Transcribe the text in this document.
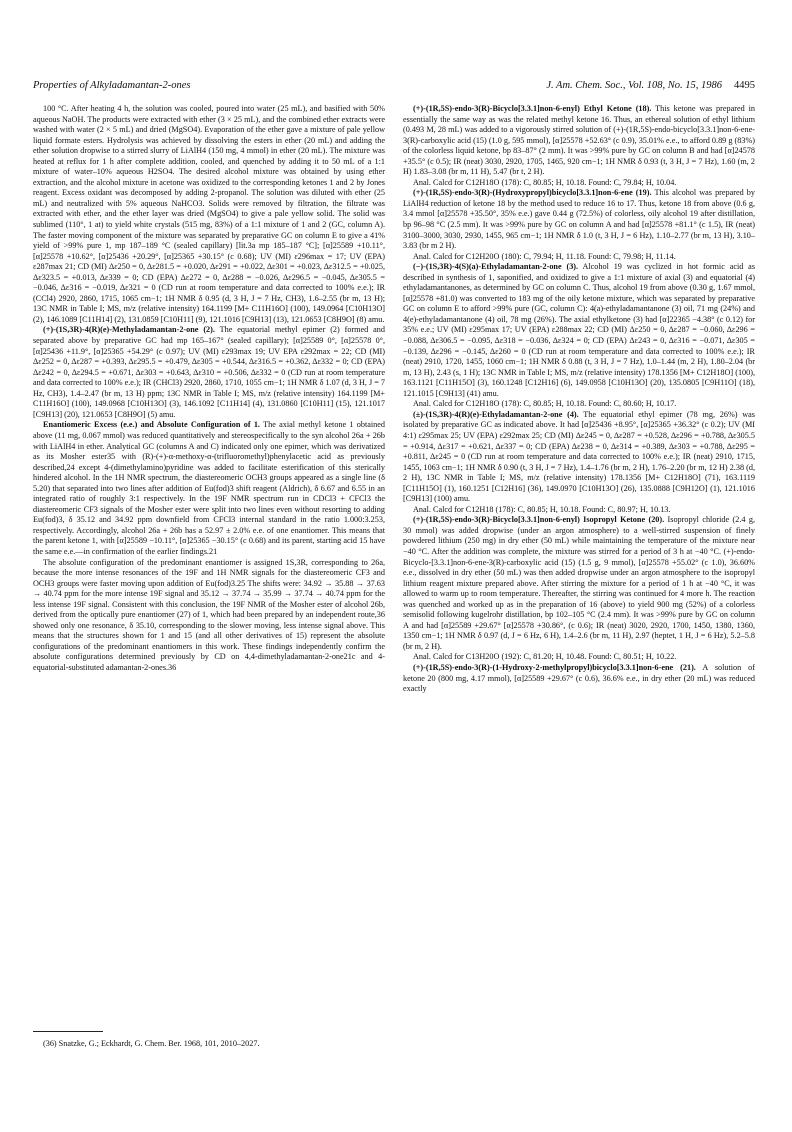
Properties of Alkyladamantan-2-ones	J. Am. Chem. Soc., Vol. 108, No. 15, 1986 4495

100 °C. After heating 4 h, the solution was cooled, poured into water (25 mL), and basified with 50% aqueous NaOH. The products were extracted with ether (3 × 25 mL), and the combined ether extracts were washed with water (2 × 5 mL) and dried (MgSO4). Evaporation of the ether gave a mixture of pale yellow liquid formate esters. Hydrolysis was achieved by dissolving the esters in ether (20 mL) and adding the ether solution dropwise to a stirred slurry of LiAlH4 (150 mg, 4 mmol) in ether (20 mL). The mixture was heated at reflux for 1 h after complete addition, cooled, and quenched by adding it to 50 mL of a 1:1 mixture of water–10% aqueous H2SO4. The desired alcohol mixture was obtained by using ether extraction, and the alcohol mixture in acetone was oxidized to the corresponding ketones 1 and 2 by Jones reagent. Excess oxidant was decomposed by adding 2-propanol. The solution was diluted with ether (25 mL) and neutralized with 5% aqueous NaHCO3. Solids were removed by filtration, the filtrate was extracted with ether, and the ether layer was dried (MgSO4) to give a pale yellow solid. The solid was sublimed (110°, 1 at) to yield white crystals (515 mg, 83%) of a 1:1 mixture of 1 and 2 (GC, column A). The faster moving component of the mixture was separated by preparative GC on column E to give a 41% yield of >99% pure 1, mp 187–189 °C (sealed capillary) [lit.3a mp 185–187 °C]; [α]25589 +10.11°, [α]25578 +10.62°, [α]25436 +20.29°, [α]25365 +30.15° (c 0.68); UV (MI) ε296max = 17; UV (EPA) ε287max 21; CD (MI) Δε250 = 0, Δε281.5 = +0.020, Δε291 = +0.022, Δε301 = +0.023, Δε312.5 = +0.025, Δε323.5 = +0.013, Δε339 = 0; CD (EPA) Δε272 = 0, Δε288 = −0.026, Δε296.5 = −0.045, Δε305.5 = −0.046, Δε316 = −0.019, Δε321 = 0 (CD run at room temperature and data corrected to 100% e.e.); IR (CCl4) 2920, 2860, 1715, 1065 cm−1; 1H NMR δ 0.95 (d, 3 H, J = 7 Hz, CH3), 1.6–2.55 (br m, 13 H); 13C NMR in Table I; MS, m/z (relative intensity) 164.1199 [M+ C11H16O] (100), 149.0964 [C10H13O] (2), 146.1089 [C11H14] (2), 131.0859 [C10H11] (9), 121.1016 [C9H13] (13), 121.0653 [C8H9O] (8) amu.

(+)-(1S,3R)-4(R)(e)-Methyladamantan-2-one (2). The equatorial methyl epimer (2) formed and separated above by preparative GC had mp 165–167° (sealed capillary); [α]25589 0°, [α]25578 0°, [α]25436 +11.9°, [α]25365 +54.29° (c 0.97); UV (MI) ε293max 19; UV EPA ε292max = 22; CD (MI) Δε252 = 0, Δε287 = +0.393, Δε295.5 = +0.479, Δε305 = +0.544, Δε316.5 = +0.362, Δε332 = 0; CD (EPA) Δε242 = 0, Δε294.5 = +0.671, Δε303 = +0.643, Δε310 = +0.506, Δε332 = 0 (CD run at room temperature and data corrected to 100% e.e.); IR (CHCl3) 2920, 2860, 1710, 1055 cm−1; 1H NMR δ 1.07 (d, 3 H, J = 7 Hz, CH3), 1.4–2.47 (br m, 13 H) ppm; 13C NMR in Table I; MS, m/z (relative intensity) 164.1199 [M+ C11H16O] (100), 149.0968 [C10H13O] (3), 146.1092 [C11H14] (4), 131.0860 [C10H11] (15), 121.1017 [C9H13] (20), 121.0653 [C8H9O] (5) amu.

Enantiomeric Excess (e.e.) and Absolute Configuration of 1. The axial methyl ketone 1 obtained above (11 mg, 0.067 mmol) was reduced quantitatively and stereospecifically to the syn alcohol 26a + 26b with LiAlH4 in ether. Analytical GC (columns A and C) indicated only one epimer, which was derivatized as its Mosher ester35 with (R)-(+)-α-methoxy-α-(trifluoromethyl)phenylacetic acid as previously described,24 except 4-(dimethylamino)pyridine was added to facilitate esterification of this sterically hindered alcohol. In the 1H NMR spectrum, the diastereomeric OCH3 groups appeared as a single line (δ 5.20) that separated into two lines after addition of Eu(fod)3 shift reagent (Aldrich), δ 6.67 and 6.55 in an integrated ratio of roughly 3:1 respectively. In the 19F NMR spectrum run in CDCl3 + CFCl3 the diastereomeric CF3 signals of the Mosher ester were split into two lines even without resorting to adding Eu(fod)3, δ 35.12 and 34.92 ppm downfield from CFCl3 internal standard in the ratio 1.000:3.253, respectively. Accordingly, alcohol 26a + 26b has a 52.97 ± 2.0% e.e. of one enantiomer. This means that the parent ketone 1, with [α]25589 −10.11°, [α]25365 −30.15° (c 0.68) and its parent, starting acid 15 have the same e.e.—in confirmation of the earlier findings.21

The absolute configuration of the predominant enantiomer is assigned 1S,3R, corresponding to 26a, because the more intense resonances of the 19F and 1H NMR signals for the diastereomeric CF3 and OCH3 groups were faster moving upon addition of Eu(fod)3.25 The shifts were: 34.92 → 35.88 → 37.63 → 40.74 ppm for the more intense 19F signal and 35.12 → 37.74 → 35.99 → 37.74 → 40.74 ppm for the less intense 19F signal. Consistent with this conclusion, the 19F NMR of the Mosher ester of alcohol 26b, derived from the optically pure enantiomer (27) of 1, which had been prepared by an independent route,36 showed only one resonance, δ 35.10, corresponding to the slower moving, less intense signal above. This means that the structures shown for 1 and 15 (and all other derivatives of 15) represent the absolute configurations of the predominant enantiomers in this work. These findings independently confirm the absolute configurations determined previously by CD on 4,4-dimethyladamantan-2-one21c and 4-equatorial-substituted adamantan-2-ones.36

(+)-(1R,5S)-endo-3(R)-Bicyclo[3.3.1]non-6-enyl) Ethyl Ketone (18). This ketone was prepared in essentially the same way as was the related methyl ketone 16. Thus, an ethereal solution of ethyl lithium (0.493 M, 28 mL) was added to a vigorously stirred solution of (+)-(1R,5S)-endo-bicyclo[3.3.1]non-6-ene-3(R)-carboxylic acid (15) (1.0 g, 595 mmol), [α]25578 +52.63° (c 0.9), 35.01% e.e., to afford 0.89 g (83%) of the colorless liquid ketone, bp 83–87° (2 mm). It was >99% pure by GC on column B and had [α]24578 +35.5° (c 0.5); IR (neat) 3030, 2920, 1705, 1465, 920 cm−1; 1H NMR δ 0.93 (t, 3 H, J = 7 Hz), 1.60 (m, 2 H) 1.83–3.08 (br m, 11 H), 5.47 (br t, 2 H).

Anal. Calcd for C12H18O (178): C, 80.85; H, 10.18. Found: C, 79.84; H, 10.04.

(+)-(1R,5S)-endo-3(R)-(Hydroxypropyl)bicyclo[3.3.1]non-6-ene (19). This alcohol was prepared by LiAlH4 reduction of ketone 18 by the method used to reduce 16 to 17. Thus, ketone 18 from above (0.6 g, 3.4 mmol [α]25578 +35.50°, 35% e.e.) gave 0.44 g (72.5%) of colorless, oily alcohol 19 after distillation, bp 96–98 °C (2.5 mm). It was >99% pure by GC on column A and had [α]25578 +81.1° (c 1.5), IR (neat) 3100–3000, 3030, 2930, 1455, 965 cm−1; 1H NMR δ 1.0 (t, 3 H, J = 6 Hz), 1.10–2.77 (br m, 13 H), 3.10–3.83 (br m 2 H).

Anal. Calcd for C12H20O (180): C, 79.94; H, 11.18. Found: C, 79.98; H, 11.14.

(−)-(1S,3R)-4(S)(a)-Ethyladamantan-2-one (3). Alcohol 19 was cyclized in hot formic acid as described in synthesis of 1, saponified, and oxidized to give a 1:1 mixture of axial (3) and equatorial (4) ethyladamantanones, as determined by GC on column C. Thus, alcohol 19 from above (0.30 g, 1.67 mmol, [α]25578 +81.0) was converted to 183 mg of the oily ketone mixture, which was separated by preparative GC on column E to afford >99% pure (GC, column C): 4(a)-ethyladamantanone (3) oil, 71 mg (24%) and 4(e)-ethyladamantanone (4) oil, 78 mg (26%). The axial ethylketone (3) had [α]22365 −4.38° (c 0.12) for 35% e.e.; UV (MI) ε295max 17; UV (EPA) ε288max 22; CD (MI) Δε250 = 0, Δε287 = −0.060, Δε296 = −0.088, Δε306.5 = −0.095, Δε318 = −0.036, Δε324 = 0; CD (EPA) Δε243 = 0, Δε316 = −0.071, Δε305 = −0.139, Δε296 = −0.145, Δε260 = 0 (CD run at room temperature and data corrected to 100% e.e.); IR (neat) 2910, 1720, 1455, 1060 cm−1; 1H NMR δ 0.88 (t, 3 H, J = 7 Hz), 1.0–1.44 (m, 2 H), 1.80–2.04 (br m, 13 H), 2.43 (s, 1 H); 13C NMR in Table I; MS, m/z (relative intensity) 178.1356 [M+ C12H18O] (100), 163.1121 [C11H15O] (3), 160.1248 [C12H16] (6), 149.0958 [C10H13O] (20), 135.0805 [C9H11O] (18), 121.1015 [C9H13] (41) amu.

Anal. Calcd for C12H18O (178): C, 80.85; H, 10.18. Found: C, 80.60; H, 10.17.

(±)-(1S,3R)-4(R)(e)-Ethyladamantan-2-one (4). The equatorial ethyl epimer (78 mg, 26%) was isolated by preparative GC as indicated above. It had [α]25436 +8.95°, [α]25365 +36.32° (c 0.2); UV (MI 4:1) ε295max 25; UV (EPA) ε292max 25; CD (MI) Δε245 = 0, Δε287 = +0.528, Δε296 = +0.788, Δε305.5 = +0.914, Δε317 = +0.621, Δε337 = 0; CD (EPA) Δε238 = 0, Δε314 = +0.389, Δε303 = +0.788, Δε295 = +0.811, Δε245 = 0 (CD run at room temperature and data corrected to 100% e.e.); IR (neat) 2910, 1715, 1455, 1063 cm−1; 1H NMR δ 0.90 (t, 3 H, J = 7 Hz), 1.4–1.76 (br m, 2 H), 1.76–2.20 (br m, 12 H) 2.38 (d, 2 H), 13C NMR in Table I; MS, m/z (relative intensity) 178.1356 [M+ C12H18O] (71), 163.1119 [C11H15O] (1), 160.1251 [C12H16] (36), 149.0970 [C10H13O] (26), 135.0888 [C9H12O] (1), 121.1016 [C9H13] (100) amu.

Anal. Calcd for C12H18 (178): C, 80.85; H, 10.18. Found: C, 80.97; H, 10.13.

(+)-(1R,5S)-endo-3(R)-Bicyclo[3.3.1]non-6-enyl) Isopropyl Ketone (20). Isopropyl chloride (2.4 g, 30 mmol) was added dropwise (under an argon atmosphere) to a well-stirred suspension of finely powdered lithium (250 mg) in dry ether (50 mL) while maintaining the temperature of the mixture near −40 °C. After the addition was complete, the mixture was stirred for a period of 3 h at −40 °C. (+)-endo-Bicyclo-[3.3.1]non-6-ene-3(R)-carboxylic acid (15) (1.5 g, 9 mmol), [α]25578 +55.02° (c 1.0), 36.60% e.e., dissolved in dry ether (50 mL) was then added dropwise under an argon atmosphere to the isopropyl lithium reagent mixture prepared above. After stirring the mixture for a period of 1 h at −40 °C, it was allowed to warm up to room temperature. Thereafter, the stirring was continued for 4 more h. The reaction was quenched and worked up as in the preparation of 16 (above) to yield 900 mg (52%) of a colorless semisolid following kugelrohr distillation, bp 102–105 °C (2.4 mm). It was >99% pure by GC on column A and had [α]25589 +29.67° [α]25578 +30.86°, (c 0.6); IR (neat) 3020, 2920, 1700, 1450, 1380, 1360, 1350 cm−1; 1H NMR δ 0.97 (d, J = 6 Hz, 6 H), 1.4–2.6 (br m, 11 H), 2.97 (heptet, 1 H, J = 6 Hz), 5.2–5.8 (br m, 2 H).

Anal. Calcd for C13H20O (192): C, 81.20; H, 10.48. Found: C, 80.51; H, 10.22.

(+)-(1R,5S)-endo-3(R)-(1-Hydroxy-2-methylpropyl)bicyclo[3.3.1]non-6-ene (21). A solution of ketone 20 (800 mg, 4.17 mmol), [α]25589 +29.67° (c 0.6), 36.6% e.e., in dry ether (20 mL) was reduced exactly

(36) Snatzke, G.; Eckhardt, G. Chem. Ber. 1968, 101, 2010–2027.
